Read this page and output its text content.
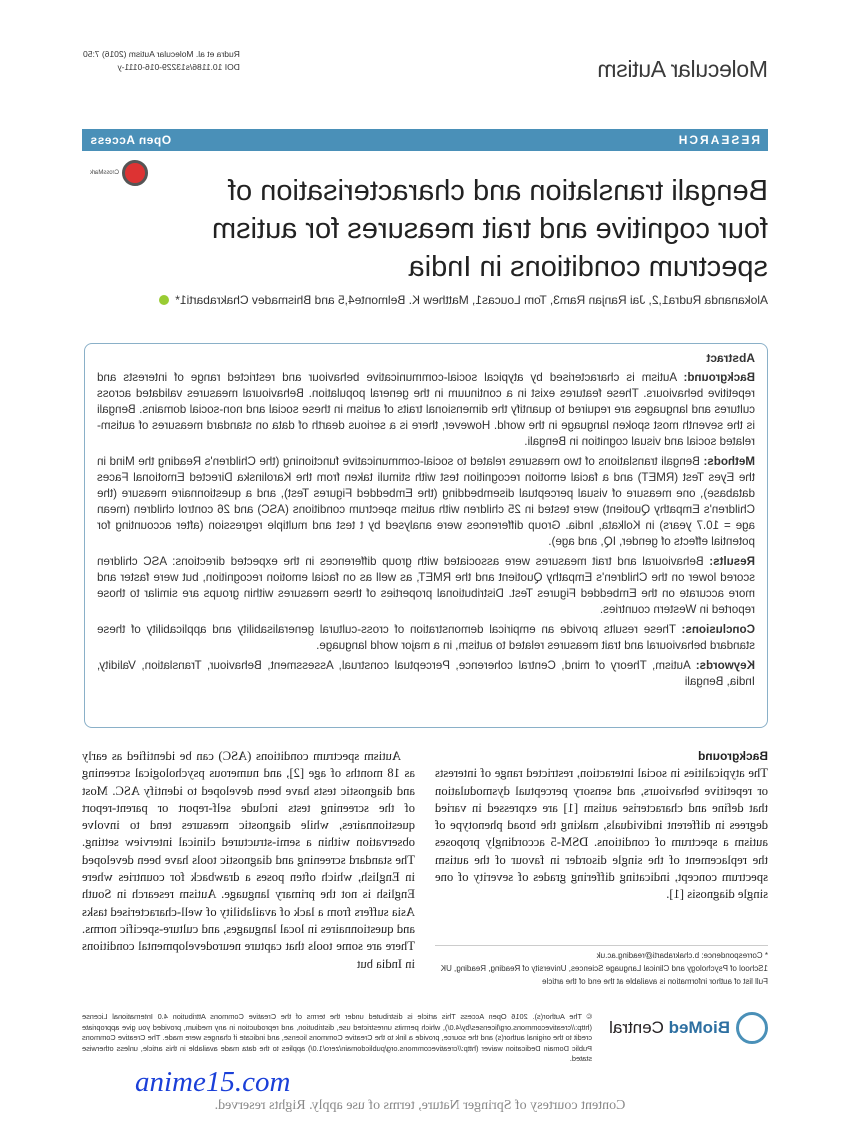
Molecular Autism
Rudra et al. Molecular Autism (2016) 7:50
DOI 10.1186/s13229-016-0111-y
RESEARCH
Open Access
Bengali translation and characterisation of four cognitive and trait measures for autism spectrum conditions in India
CrossMark
Alokananda Rudra1,2, Jai Ranjan Ram3, Tom Loucas1, Matthew K. Belmonte4,5 and Bhismadev Chakrabarti1*
Abstract

Background: Autism is characterised by atypical social-communicative behaviour and restricted range of interests and repetitive behaviours. These features exist in a continuum in the general population. Behavioural measures validated across cultures and languages are required to quantify the dimensional traits of autism in these social and non-social domains. Bengali is the seventh most spoken language in the world. However, there is a serious dearth of data on standard measures of autism-related social and visual cognition in Bengali.

Methods: Bengali translations of two measures related to social-communicative functioning (the Children's Reading the Mind in the Eyes Test (RMET) and a facial emotion recognition test with stimuli taken from the Karolinska Directed Emotional Faces database), one measure of visual perceptual disembedding (the Embedded Figures Test), and a questionnaire measure (the Children's Empathy Quotient) were tested in 25 children with autism spectrum conditions (ASC) and 26 control children (mean age = 10.7 years) in Kolkata, India. Group differences were analysed by t test and multiple regression (after accounting for potential effects of gender, IQ, and age).

Results: Behavioural and trait measures were associated with group differences in the expected directions: ASC children scored lower on the Children's Empathy Quotient and the RMET, as well as on facial emotion recognition, but were faster and more accurate on the Embedded Figures Test. Distributional properties of these measures within groups are similar to those reported in Western countries.

Conclusions: These results provide an empirical demonstration of cross-cultural generalisability and applicability of these standard behavioural and trait measures related to autism, in a major world language.

Keywords: Autism, Theory of mind, Central coherence, Perceptual construal, Assessment, Behaviour, Translation, Validity, India, Bengali

Background
The atypicalities in social interaction, restricted range of interests or repetitive behaviours, and sensory perceptual dysmodulation that define and characterise autism [1] are expressed in varied degrees in different individuals, making the broad phenotype of autism a spectrum of conditions. DSM-5 accordingly proposes the replacement of the single disorder in favour of the autism spectrum concept, indicating differing grades of severity of one single diagnosis [1].
Autism spectrum conditions (ASC) can be identified as early as 18 months of age [2], and numerous psychological screening and diagnostic tests have been developed to identify ASC. Most of the screening tests include self-report or parent-report questionnaires, while diagnostic measures tend to involve observation within a semi-structured clinical interview setting. The standard screening and diagnostic tools have been developed in English, which often poses a drawback for countries where English is not the primary language. Autism research in South Asia suffers from a lack of availability of well-characterised tasks and questionnaires in local languages, and culture-specific norms. There are some tools that capture neurodevelopmental conditions in India but

* Correspondence: b.chakrabarti@reading.ac.uk

1School of Psychology and Clinical Language Sciences, University of Reading, Reading, UK

Full list of author information is available at the end of the article

BioMed Central
© The Author(s). 2016 Open Access This article is distributed under the terms of the Creative Commons Attribution 4.0 International License (http://creativecommons.org/licenses/by/4.0/), which permits unrestricted use, distribution, and reproduction in any medium, provided you give appropriate credit to the original author(s) and the source, provide a link to the Creative Commons license, and indicate if changes were made. The Creative Commons Public Domain Dedication waiver (http://creativecommons.org/publicdomain/zero/1.0/) applies to the data made available in this article, unless otherwise stated.
Content courtesy of Springer Nature, terms of use apply. Rights reserved.
anime15.com
